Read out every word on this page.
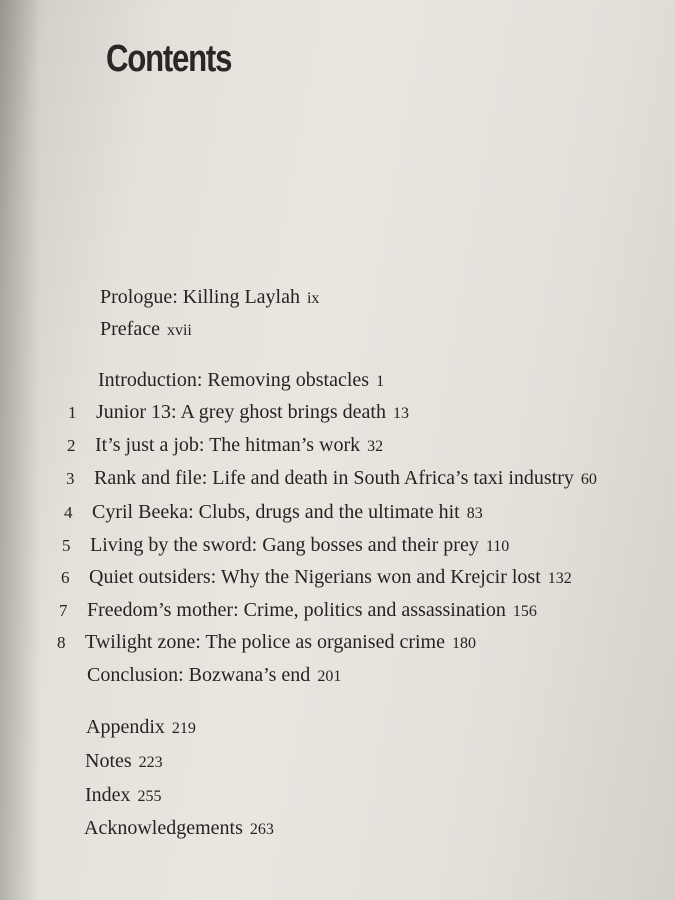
Contents
Prologue: Killing Laylah ix
Preface xvii
Introduction: Removing obstacles 1
1 Junior 13: A grey ghost brings death 13
2 It’s just a job: The hitman’s work 32
3 Rank and file: Life and death in South Africa’s taxi industry 60
4 Cyril Beeka: Clubs, drugs and the ultimate hit 83
5 Living by the sword: Gang bosses and their prey 110
6 Quiet outsiders: Why the Nigerians won and Krejcir lost 132
7 Freedom’s mother: Crime, politics and assassination 156
8 Twilight zone: The police as organised crime 180
Conclusion: Bozwana’s end 201
Appendix 219
Notes 223
Index 255
Acknowledgements 263
